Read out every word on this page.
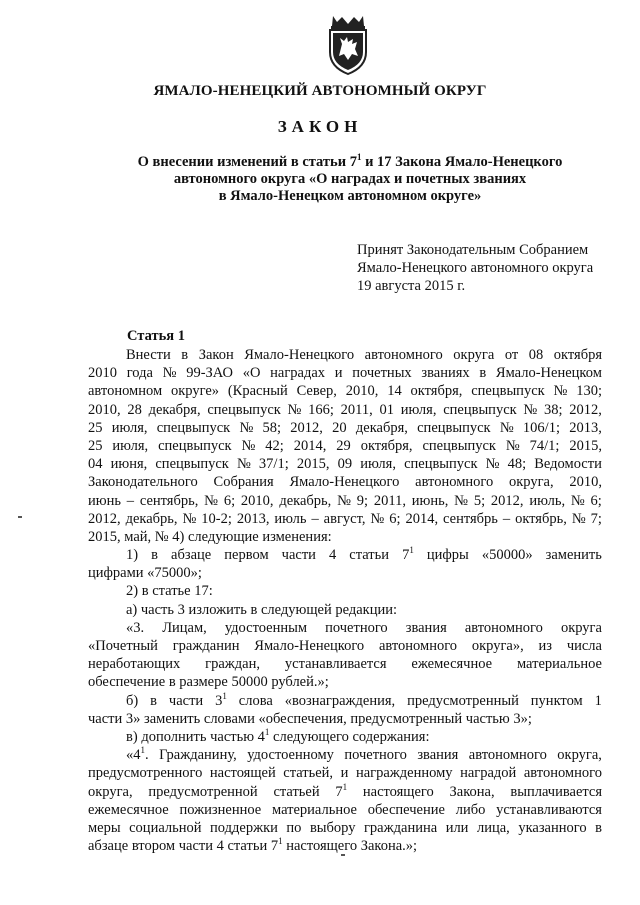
ЯМАЛО-НЕНЕЦКИЙ АВТОНОМНЫЙ ОКРУГ
ЗАКОН
О внесении изменений в статьи $7^1$ и 17 Закона Ямало-Ненецкого
автономного округа «О наградах и почетных званиях
в Ямало-Ненецком автономном округе»
Принят Законодательным Собранием
Ямало-Ненецкого автономного округа
19 августа 2015 г.
Статья 1
Внести в Закон Ямало-Ненецкого автономного округа от 08 октября
2010 года № 99-ЗАО «О наградах и почетных званиях в Ямало-Ненецком
автономном округе» (Красный Север, 2010, 14 октября, спецвыпуск № 130;
2010, 28 декабря, спецвыпуск № 166; 2011, 01 июля, спецвыпуск № 38; 2012,
25 июля, спецвыпуск № 58; 2012, 20 декабря, спецвыпуск № 106/1; 2013,
25 июля, спецвыпуск № 42; 2014, 29 октября, спецвыпуск № 74/1; 2015,
04 июня, спецвыпуск № 37/1; 2015, 09 июля, спецвыпуск № 48; Ведомости
Законодательного Собрания Ямало-Ненецкого автономного округа, 2010,
июнь – сентябрь, № 6; 2010, декабрь, № 9; 2011, июнь, № 5; 2012, июль, № 6;
2012, декабрь, № 10-2; 2013, июль – август, № 6; 2014, сентябрь – октябрь, № 7;
2015, май, № 4) следующие изменения:
1) в абзаце первом части 4 статьи $7^1$ цифры «50000» заменить
цифрами «75000»;
2) в статье 17:
а) часть 3 изложить в следующей редакции:
«3. Лицам, удостоенным почетного звания автономного округа
«Почетный гражданин Ямало-Ненецкого автономного округа», из числа
неработающих граждан, устанавливается ежемесячное материальное
обеспечение в размере 50000 рублей.»;
б) в части $3^1$ слова «вознаграждения, предусмотренный пунктом 1
части 3» заменить словами «обеспечения, предусмотренный частью 3»;
в) дополнить частью $4^1$ следующего содержания:
«$4^1$. Гражданину, удостоенному почетного звания автономного округа,
предусмотренного настоящей статьей, и награжденному наградой автономного
округа, предусмотренной статьей $7^1$ настоящего Закона, выплачивается
ежемесячное пожизненное материальное обеспечение либо устанавливаются
меры социальной поддержки по выбору гражданина или лица, указанного в
абзаце втором части 4 статьи $7^1$ настоящего Закона.»;
